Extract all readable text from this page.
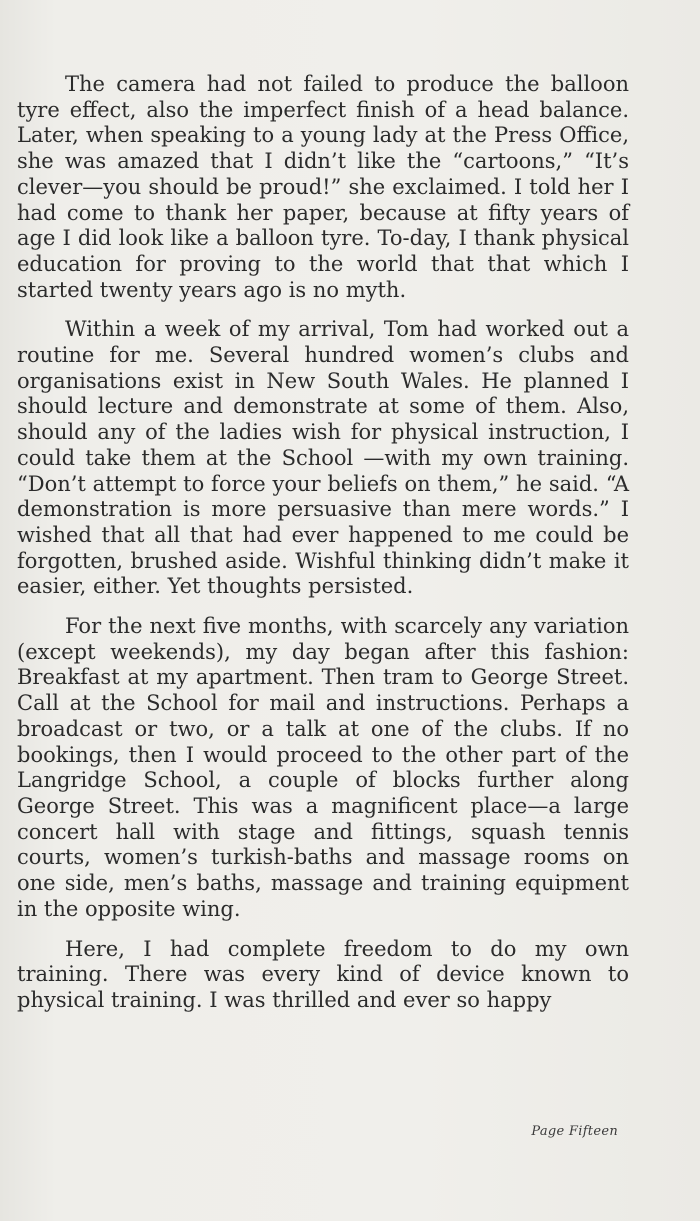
The camera had not failed to produce the balloon tyre effect, also the imperfect finish of a head balance. Later, when speaking to a young lady at the Press Office, she was amazed that I didn’t like the “cartoons,” “It’s clever—you should be proud!” she exclaimed. I told her I had come to thank her paper, because at fifty years of age I did look like a balloon tyre. To-day, I thank physical education for proving to the world that that which I started twenty years ago is no myth.

Within a week of my arrival, Tom had worked out a routine for me. Several hundred women’s clubs and organisations exist in New South Wales. He planned I should lecture and demonstrate at some of them. Also, should any of the ladies wish for physical instruction, I could take them at the School —with my own training. “Don’t attempt to force your beliefs on them,” he said. “A demonstration is more persuasive than mere words.” I wished that all that had ever happened to me could be forgotten, brushed aside. Wishful thinking didn’t make it easier, either. Yet thoughts persisted.

For the next five months, with scarcely any variation (except weekends), my day began after this fashion: Breakfast at my apartment. Then tram to George Street. Call at the School for mail and instructions. Perhaps a broadcast or two, or a talk at one of the clubs. If no bookings, then I would proceed to the other part of the Langridge School, a couple of blocks further along George Street. This was a magnificent place—a large concert hall with stage and fittings, squash tennis courts, women’s turkish-baths and massage rooms on one side, men’s baths, massage and training equipment in the opposite wing.

Here, I had complete freedom to do my own training. There was every kind of device known to physical training. I was thrilled and ever so happy

Page Fifteen
